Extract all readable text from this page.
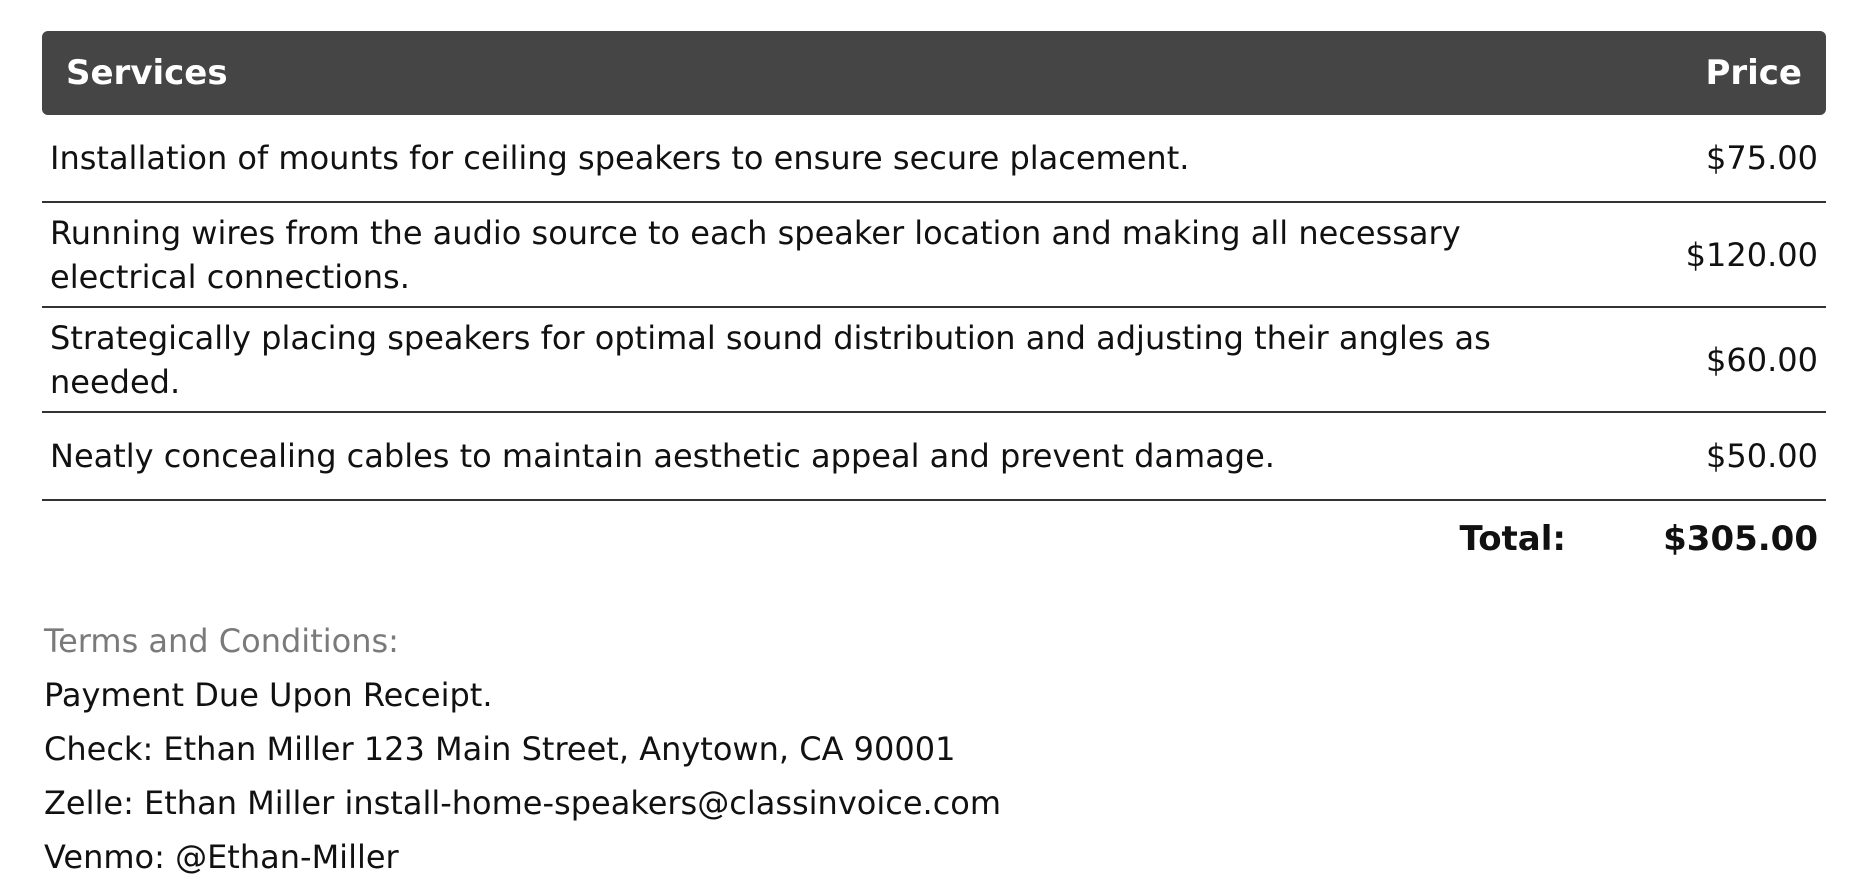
Services	Price
Installation of mounts for ceiling speakers to ensure secure placement.	$75.00
Running wires from the audio source to each speaker location and making all necessary electrical connections.	$120.00
Strategically placing speakers for optimal sound distribution and adjusting their angles as needed.	$60.00
Neatly concealing cables to maintain aesthetic appeal and prevent damage.	$50.00
Total:	$305.00
Terms and Conditions:
Payment Due Upon Receipt.
Check: Ethan Miller 123 Main Street, Anytown, CA 90001
Zelle: Ethan Miller install-home-speakers@classinvoice.com
Venmo: @Ethan-Miller
